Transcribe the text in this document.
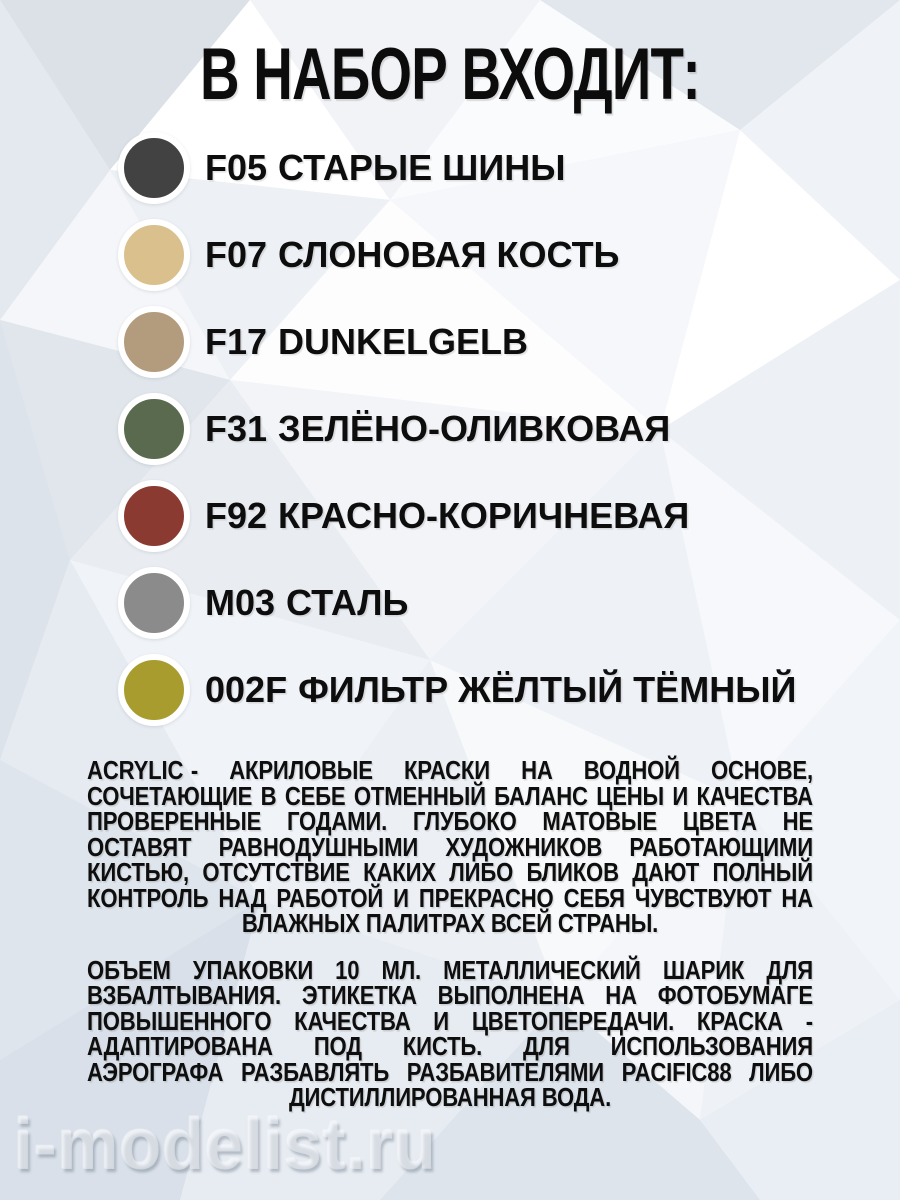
i-modelist.ru
В НАБОР ВХОДИТ:
F05 СТАРЫЕ ШИНЫ
F07 СЛОНОВАЯ КОСТЬ
F17 DUNKELGELB
F31 ЗЕЛЁНО-ОЛИВКОВАЯ
F92 КРАСНО-КОРИЧНЕВАЯ
M03 СТАЛЬ
002F ФИЛЬТР ЖЁЛТЫЙ ТЁМНЫЙ

ACRYLIC - АКРИЛОВЫЕ КРАСКИ НА ВОДНОЙ ОСНОВЕ, СОЧЕТАЮЩИЕ В СЕБЕ ОТМЕННЫЙ БАЛАНС ЦЕНЫ И КАЧЕСТВА ПРОВЕРЕННЫЕ ГОДАМИ. ГЛУБОКО МАТОВЫЕ ЦВЕТА НЕ ОСТАВЯТ РАВНОДУШНЫМИ ХУДОЖНИКОВ РАБОТАЮЩИМИ КИСТЬЮ, ОТСУТСТВИЕ КАКИХ ЛИБО БЛИКОВ ДАЮТ ПОЛНЫЙ КОНТРОЛЬ НАД РАБОТОЙ И ПРЕКРАСНО СЕБЯ ЧУВСТВУЮТ НА ВЛАЖНЫХ ПАЛИТРАХ ВСЕЙ СТРАНЫ.

ОБЪЕМ УПАКОВКИ 10 МЛ. МЕТАЛЛИЧЕСКИЙ ШАРИК ДЛЯ ВЗБАЛТЫВАНИЯ. ЭТИКЕТКА ВЫПОЛНЕНА НА ФОТОБУМАГЕ ПОВЫШЕННОГО КАЧЕСТВА И ЦВЕТОПЕРЕДАЧИ. КРАСКА - АДАПТИРОВАНА ПОД КИСТЬ. ДЛЯ ИСПОЛЬЗОВАНИЯ АЭРОГРАФА РАЗБАВЛЯТЬ РАЗБАВИТЕЛЯМИ PACIFIC88 ЛИБО ДИСТИЛЛИРОВАННАЯ ВОДА.
